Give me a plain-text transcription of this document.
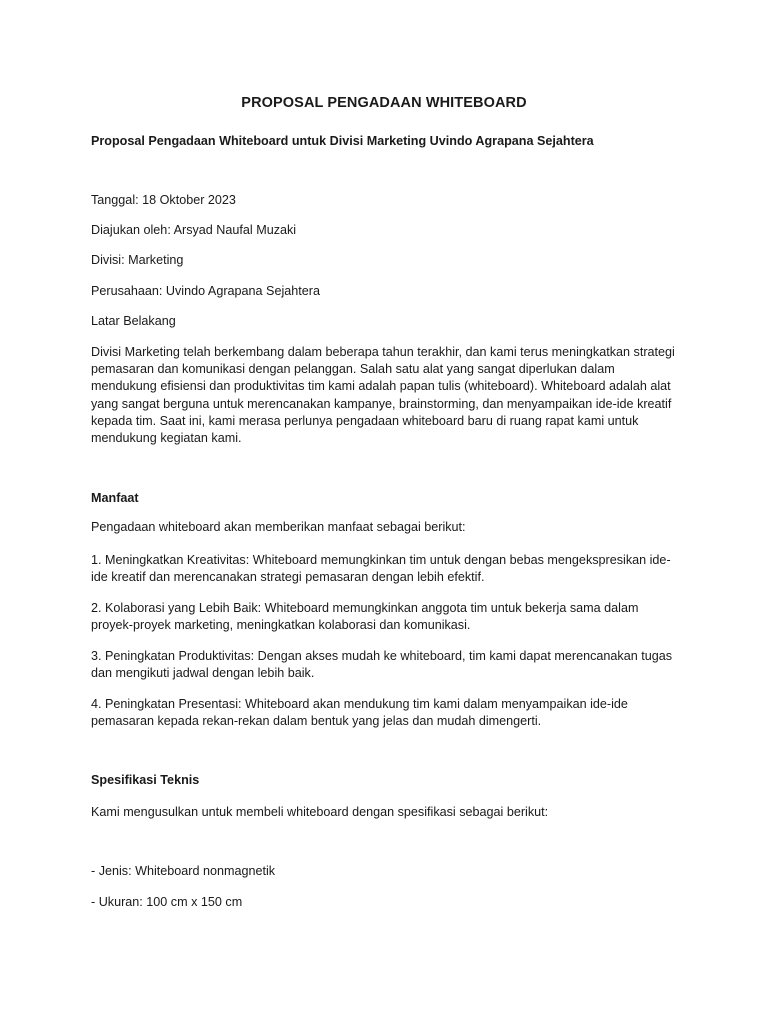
PROPOSAL PENGADAAN WHITEBOARD
Proposal Pengadaan Whiteboard untuk Divisi Marketing Uvindo Agrapana Sejahtera
Tanggal: 18 Oktober 2023
Diajukan oleh: Arsyad Naufal Muzaki
Divisi: Marketing
Perusahaan: Uvindo Agrapana Sejahtera
Latar Belakang
Divisi Marketing telah berkembang dalam beberapa tahun terakhir, dan kami terus meningkatkan strategi pemasaran dan komunikasi dengan pelanggan. Salah satu alat yang sangat diperlukan dalam mendukung efisiensi dan produktivitas tim kami adalah papan tulis (whiteboard). Whiteboard adalah alat yang sangat berguna untuk merencanakan kampanye, brainstorming, dan menyampaikan ide-ide kreatif kepada tim. Saat ini, kami merasa perlunya pengadaan whiteboard baru di ruang rapat kami untuk mendukung kegiatan kami.
Manfaat
Pengadaan whiteboard akan memberikan manfaat sebagai berikut:
1. Meningkatkan Kreativitas: Whiteboard memungkinkan tim untuk dengan bebas mengekspresikan ide-ide kreatif dan merencanakan strategi pemasaran dengan lebih efektif.
2. Kolaborasi yang Lebih Baik: Whiteboard memungkinkan anggota tim untuk bekerja sama dalam proyek-proyek marketing, meningkatkan kolaborasi dan komunikasi.
3. Peningkatan Produktivitas: Dengan akses mudah ke whiteboard, tim kami dapat merencanakan tugas dan mengikuti jadwal dengan lebih baik.
4. Peningkatan Presentasi: Whiteboard akan mendukung tim kami dalam menyampaikan ide-ide pemasaran kepada rekan-rekan dalam bentuk yang jelas dan mudah dimengerti.
Spesifikasi Teknis
Kami mengusulkan untuk membeli whiteboard dengan spesifikasi sebagai berikut:
- Jenis: Whiteboard nonmagnetik
- Ukuran: 100 cm x 150 cm
